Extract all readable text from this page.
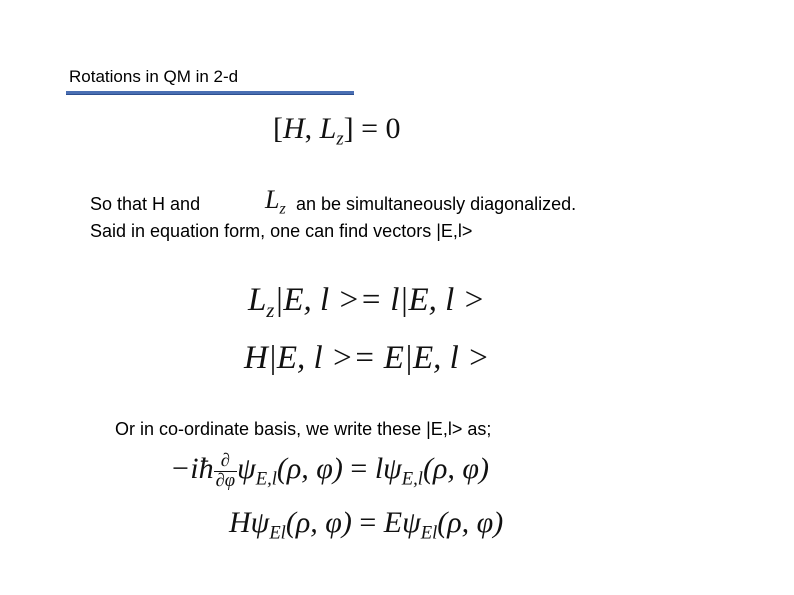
Rotations in QM in 2-d
[H, $L_z] = 0$
So that H and $L_z$ an be simultaneously diagonalized.
Said in equation form, one can find vectors |E,l>
$L_z|E$, l >= l|E, l >
H|E, l >= E|E, l >
Or in co-ordinate basis, we write these |E,l> as;
−iħ $\frac{\partial}{\partial\varphi} \psi_{E,l}(\rho$, $\varphi) = l\psi_{E,l}(\rho$, φ)
$H\psi_{El}(\rho$, $\varphi) = E\psi_{El}(\rho$, φ)
